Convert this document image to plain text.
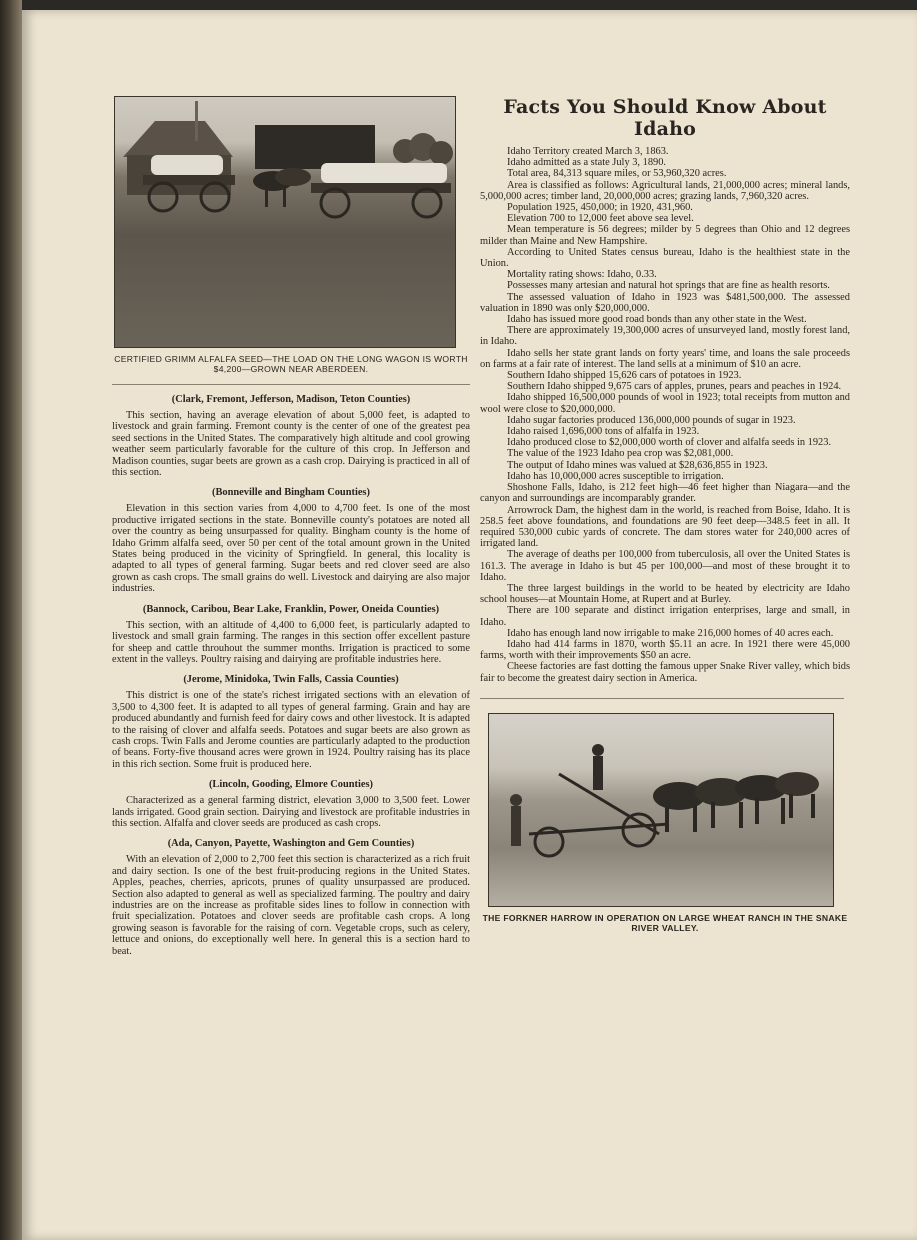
CERTIFIED GRIMM ALFALFA SEED—THE LOAD ON THE LONG WAGON IS WORTH $4,200—GROWN NEAR ABERDEEN.
(Clark, Fremont, Jefferson, Madison, Teton Counties)

This section, having an average elevation of about 5,000 feet, is adapted to livestock and grain farming. Fremont county is the center of one of the greatest pea seed sections in the United States. The comparatively high altitude and cool growing weather seem particularly favorable for the culture of this crop. In Jefferson and Madison counties, sugar beets are grown as a cash crop. Dairying is practiced in all of this section.

(Bonneville and Bingham Counties)

Elevation in this section varies from 4,000 to 4,700 feet. Is one of the most productive irrigated sections in the state. Bonneville county's potatoes are noted all over the country as being unsurpassed for quality. Bingham county is the home of Idaho Grimm alfalfa seed, over 50 per cent of the total amount grown in the United States being produced in the vicinity of Springfield. In general, this locality is adapted to all types of general farming. Sugar beets and red clover seed are also grown as cash crops. The small grains do well. Livestock and dairying are also major industries.

(Bannock, Caribou, Bear Lake, Franklin, Power, Oneida Counties)

This section, with an altitude of 4,400 to 6,000 feet, is particularly adapted to livestock and small grain farming. The ranges in this section offer excellent pasture for sheep and cattle throuhout the summer months. Irrigation is practiced to some extent in the valleys. Poultry raising and dairying are profitable industries here.

(Jerome, Minidoka, Twin Falls, Cassia Counties)

This district is one of the state's richest irrigated sections with an elevation of 3,500 to 4,300 feet. It is adapted to all types of general farming. Grain and hay are produced abundantly and furnish feed for dairy cows and other livestock. It is adapted to the raising of clover and alfalfa seeds. Potatoes and sugar beets are also grown as cash crops. Twin Falls and Jerome counties are particularly adapted to the production of beans. Forty-five thousand acres were grown in 1924. Poultry raising has its place in this rich section. Some fruit is produced here.

(Lincoln, Gooding, Elmore Counties)

Characterized as a general farming district, elevation 3,000 to 3,500 feet. Lower lands irrigated. Good grain section. Dairying and livestock are profitable industries in this section. Alfalfa and clover seeds are produced as cash crops.

(Ada, Canyon, Payette, Washington and Gem Counties)

With an elevation of 2,000 to 2,700 feet this section is characterized as a rich fruit and dairy section. Is one of the best fruit-producing regions in the United States. Apples, peaches, cherries, apricots, prunes of quality unsurpassed are produced. Section also adapted to general as well as specialized farming. The poultry and dairy industries are on the increase as profitable sides lines to follow in connection with fruit specialization. Potatoes and clover seeds are profitable cash crops. A long growing season is favorable for the raising of corn. Vegetable crops, such as celery, lettuce and onions, do exceptionally well here. In general this is a section hard to beat.

Facts You Should Know About Idaho

Idaho Territory created March 3, 1863.

Idaho admitted as a state July 3, 1890.

Total area, 84,313 square miles, or 53,960,320 acres.

Area is classified as follows: Agricultural lands, 21,000,000 acres; mineral lands, 5,000,000 acres; timber land, 20,000,000 acres; grazing lands, 7,960,320 acres.

Population 1925, 450,000; in 1920, 431,960.

Elevation 700 to 12,000 feet above sea level.

Mean temperature is 56 degrees; milder by 5 degrees than Ohio and 12 degrees milder than Maine and New Hampshire.

According to United States census bureau, Idaho is the healthiest state in the Union.

Mortality rating shows: Idaho, 0.33.

Possesses many artesian and natural hot springs that are fine as health resorts.

The assessed valuation of Idaho in 1923 was $481,500,000. The assessed valuation in 1890 was only $20,000,000.

Idaho has issued more good road bonds than any other state in the West.

There are approximately 19,300,000 acres of unsurveyed land, mostly forest land, in Idaho.

Idaho sells her state grant lands on forty years' time, and loans the sale proceeds on farms at a fair rate of interest. The land sells at a minimum of $10 an acre.

Southern Idaho shipped 15,626 cars of potatoes in 1923.

Southern Idaho shipped 9,675 cars of apples, prunes, pears and peaches in 1924.

Idaho shipped 16,500,000 pounds of wool in 1923; total receipts from mutton and wool were close to $20,000,000.

Idaho sugar factories produced 136,000,000 pounds of sugar in 1923.

Idaho raised 1,696,000 tons of alfalfa in 1923.

Idaho produced close to $2,000,000 worth of clover and alfalfa seeds in 1923.

The value of the 1923 Idaho pea crop was $2,081,000.

The output of Idaho mines was valued at $28,636,855 in 1923.

Idaho has 10,000,000 acres susceptible to irrigation.

Shoshone Falls, Idaho, is 212 feet high—46 feet higher than Niagara—and the canyon and surroundings are incomparably grander.

Arrowrock Dam, the highest dam in the world, is reached from Boise, Idaho. It is 258.5 feet above foundations, and foundations are 90 feet deep—348.5 feet in all. It required 530,000 cubic yards of concrete. The dam stores water for 240,000 acres of irrigated land.

The average of deaths per 100,000 from tuberculosis, all over the United States is 161.3. The average in Idaho is but 45 per 100,000—and most of these brought it to Idaho.

The three largest buildings in the world to be heated by electricity are Idaho school houses—at Mountain Home, at Rupert and at Burley.

There are 100 separate and distinct irrigation enterprises, large and small, in Idaho.

Idaho has enough land now irrigable to make 216,000 homes of 40 acres each.

Idaho had 414 farms in 1870, worth $5.11 an acre. In 1921 there were 45,000 farms, worth with their improvements $50 an acre.

Cheese factories are fast dotting the famous upper Snake River valley, which bids fair to become the greatest dairy section in America.

THE FORKNER HARROW IN OPERATION ON LARGE WHEAT RANCH IN THE SNAKE RIVER VALLEY.
